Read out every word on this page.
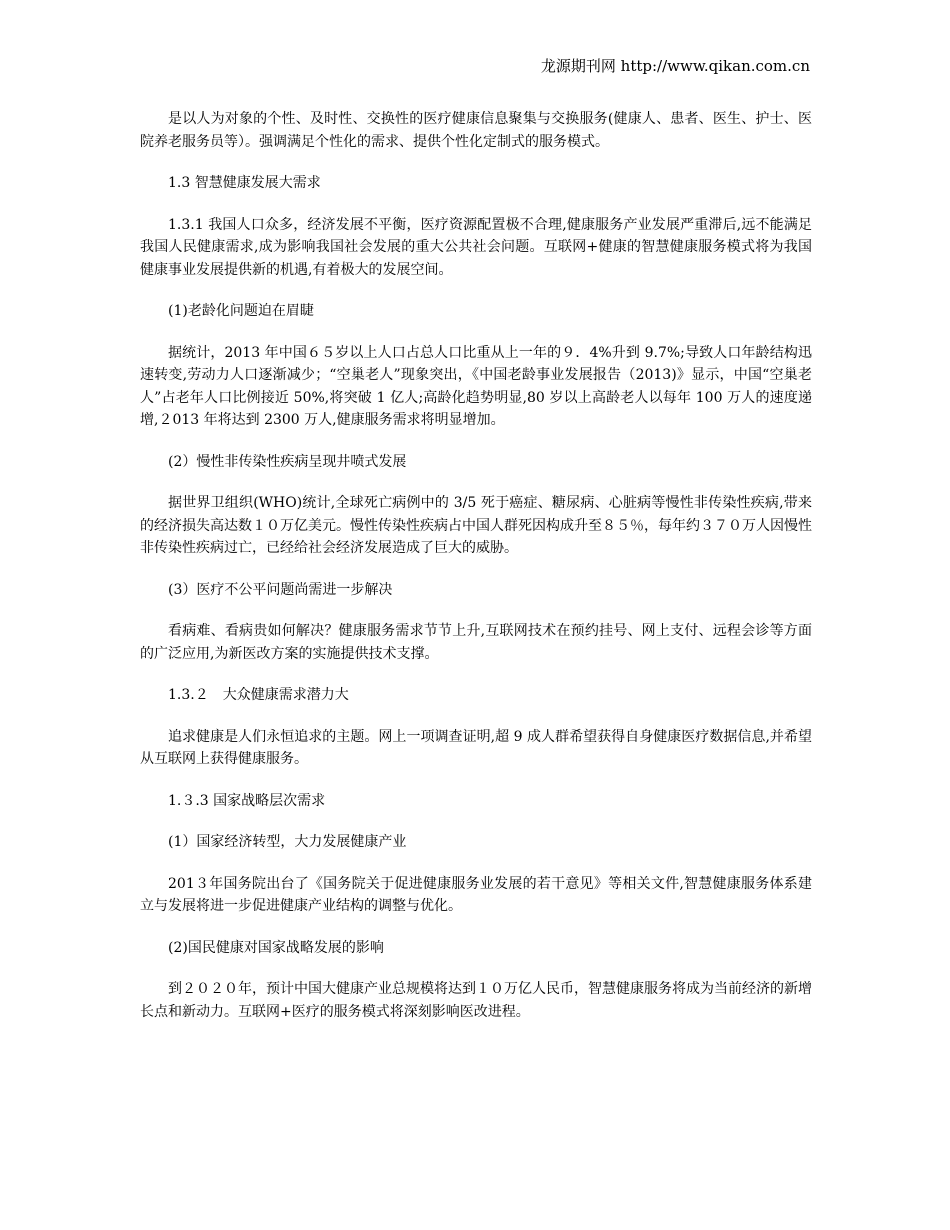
龙源期刊网 http://www.qikan.com.cn

是以人为对象的个性、及时性、交换性的医疗健康信息聚集与交换服务(健康人、患者、医生、护士、医院养老服务员等）。强调满足个性化的需求、提供个性化定制式的服务模式。

1.3 智慧健康发展大需求

1.3.1 我国人口众多，经济发展不平衡，医疗资源配置极不合理,健康服务产业发展严重滞后,远不能满足我国人民健康需求,成为影响我国社会发展的重大公共社会问题。互联网+健康的智慧健康服务模式将为我国健康事业发展提供新的机遇,有着极大的发展空间。

(1)老龄化问题迫在眉睫

据统计，2013 年中国６５岁以上人口占总人口比重从上一年的９．4%升到 9.7%;导致人口年龄结构迅速转变,劳动力人口逐渐减少；“空巢老人”现象突出，《中国老龄事业发展报告（2013)》显示，中国“空巢老人”占老年人口比例接近 50%,将突破 1 亿人;高龄化趋势明显,80 岁以上高龄老人以每年 100 万人的速度递增,２013 年将达到 2300 万人,健康服务需求将明显增加。

(2）慢性非传染性疾病呈现井喷式发展

据世界卫组织(WHO)统计,全球死亡病例中的 3/5 死于癌症、糖尿病、心脏病等慢性非传染性疾病,带来的经济损失高达数１０万亿美元。慢性传染性疾病占中国人群死因构成升至８５％，每年约３７０万人因慢性非传染性疾病过亡，已经给社会经济发展造成了巨大的威胁。

(3）医疗不公平问题尚需进一步解决

看病难、看病贵如何解决？健康服务需求节节上升,互联网技术在预约挂号、网上支付、远程会诊等方面的广泛应用,为新医改方案的实施提供技术支撑。

1.3.２　大众健康需求潜力大

追求健康是人们永恒追求的主题。网上一项调查证明,超 9 成人群希望获得自身健康医疗数据信息,并希望从互联网上获得健康服务。

1.３.3 国家战略层次需求

(1）国家经济转型，大力发展健康产业

201３年国务院出台了《国务院关于促进健康服务业发展的若干意见》等相关文件,智慧健康服务体系建立与发展将进一步促进健康产业结构的调整与优化。

(2)国民健康对国家战略发展的影响

到２０２０年，预计中国大健康产业总规模将达到１０万亿人民币，智慧健康服务将成为当前经济的新增长点和新动力。互联网+医疗的服务模式将深刻影响医改进程。
